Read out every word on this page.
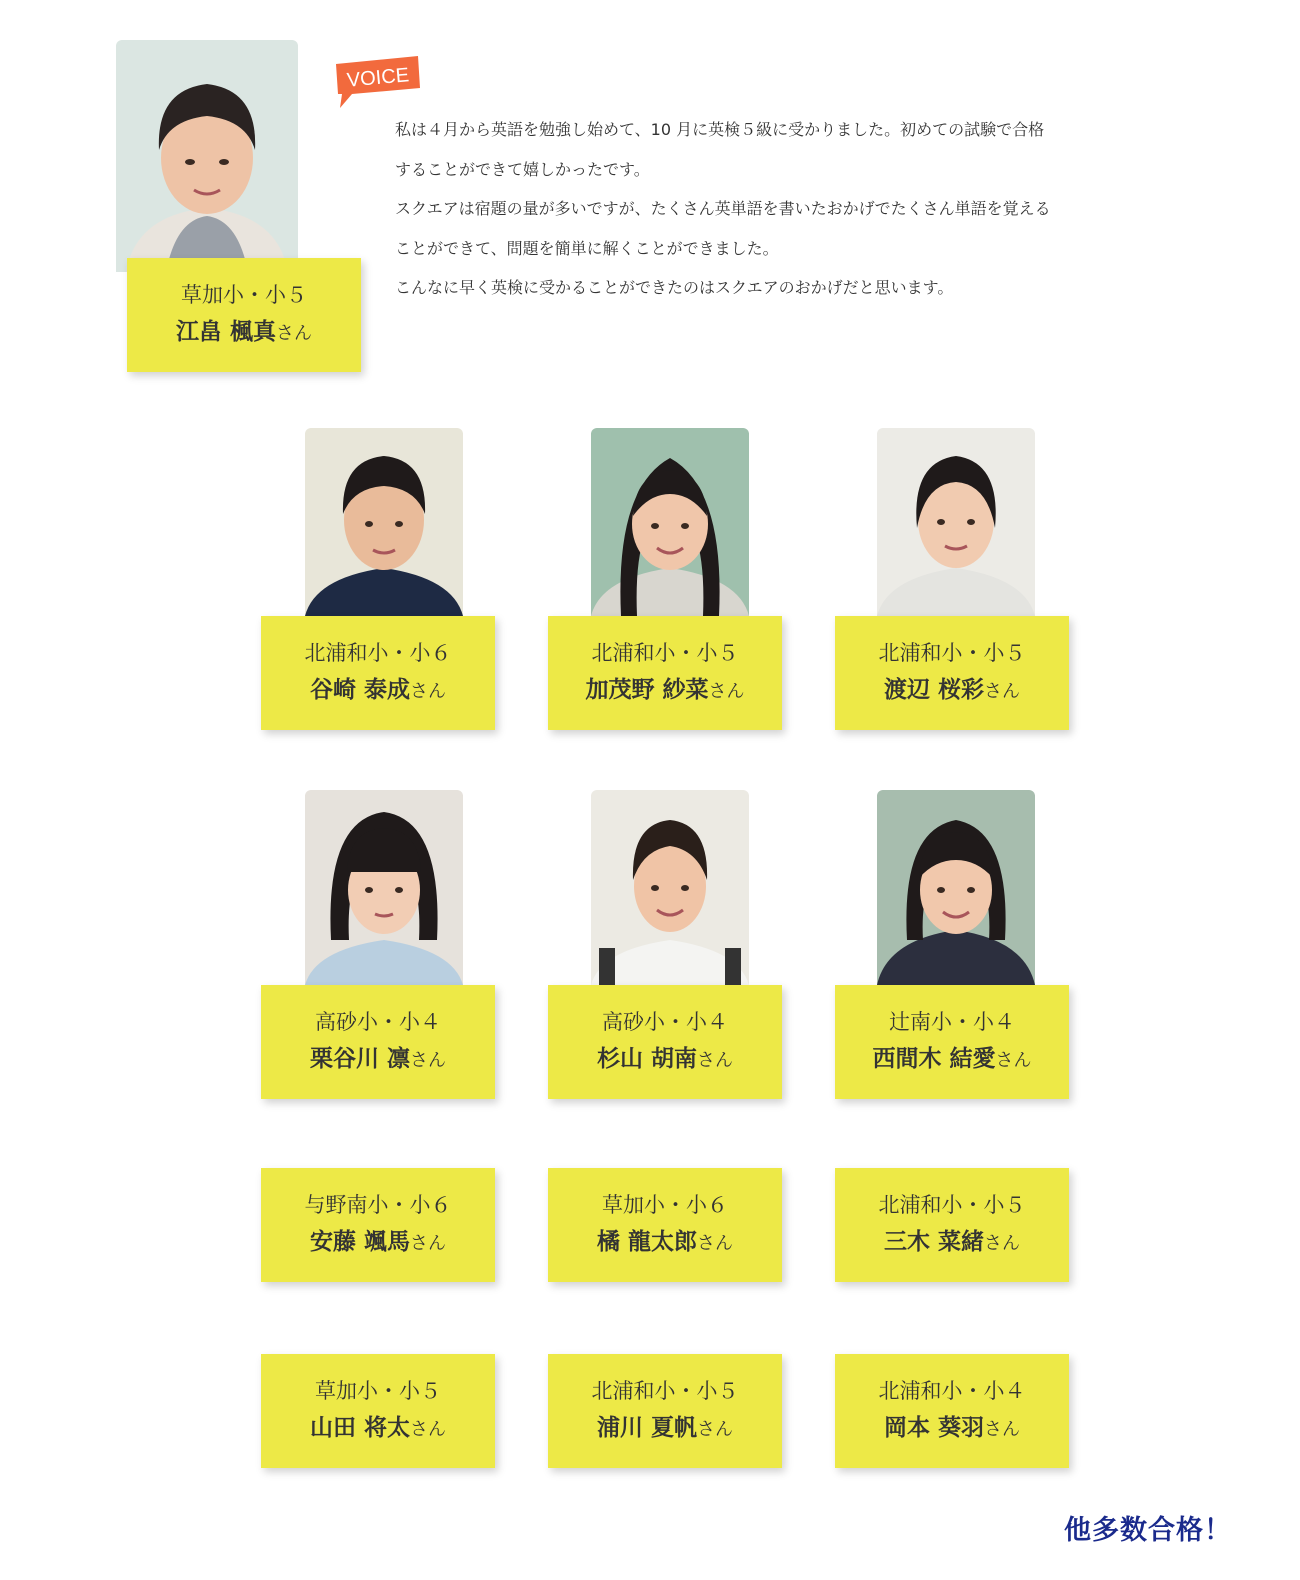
草加小・小５
江畠 楓真さん
VOICE

私は４月から英語を勉強し始めて、10 月に英検５級に受かりました。初めての試験で合格

することができて嬉しかったです。

スクエアは宿題の量が多いですが、たくさん英単語を書いたおかげでたくさん単語を覚える

ことができて、問題を簡単に解くことができました。

こんなに早く英検に受かることができたのはスクエアのおかげだと思います。

北浦和小・小６
谷崎 泰成さん
北浦和小・小５
加茂野 紗菜さん
北浦和小・小５
渡辺 桜彩さん
高砂小・小４
栗谷川 凛さん
高砂小・小４
杉山 胡南さん
辻南小・小４
西間木 結愛さん
与野南小・小６
安藤 颯馬さん
草加小・小６
橘 龍太郎さん
北浦和小・小５
三木 菜緒さん
草加小・小５
山田 将太さん
北浦和小・小５
浦川 夏帆さん
北浦和小・小４
岡本 葵羽さん
他多数合格！
